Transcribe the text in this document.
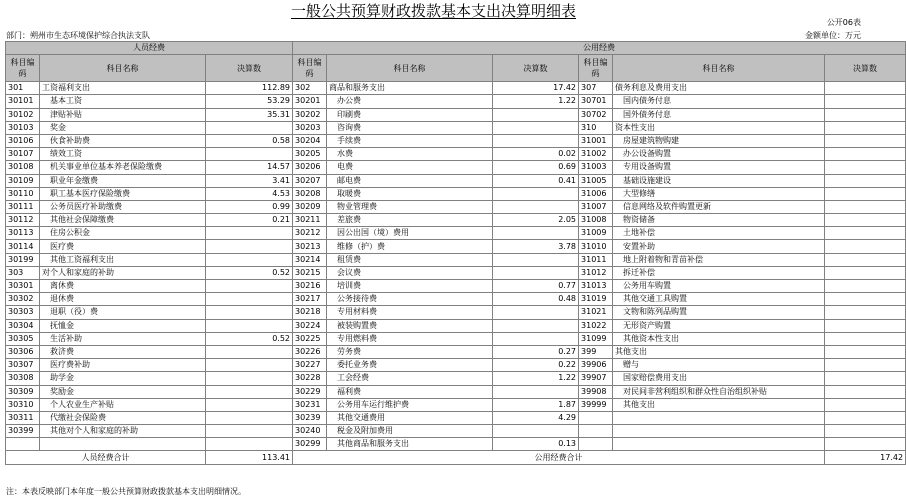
一般公共预算财政拨款基本支出决算明细表
公开06表
部门：朔州市生态环境保护综合执法支队	金额单位：万元
人员经费			公用经费					
科目编码	科目名称	决算数	科目编码	科目名称	决算数	科目编码	科目名称	决算数
301	工资福利支出	112.89	302	商品和服务支出	17.42	307	债务利息及费用支出	
30101	基本工资	53.29	30201	办公费	1.22	30701	国内债务付息	
30102	津贴补贴	35.31	30202	印刷费		30702	国外债务付息	
30103	奖金		30203	咨询费		310	资本性支出	
30106	伙食补助费	0.58	30204	手续费		31001	房屋建筑物购建	
30107	绩效工资		30205	水费	0.02	31002	办公设备购置	
30108	机关事业单位基本养老保险缴费	14.57	30206	电费	0.69	31003	专用设备购置	
30109	职业年金缴费	3.41	30207	邮电费	0.41	31005	基础设施建设	
30110	职工基本医疗保险缴费	4.53	30208	取暖费		31006	大型修缮	
30111	公务员医疗补助缴费	0.99	30209	物业管理费		31007	信息网络及软件购置更新	
30112	其他社会保障缴费	0.21	30211	差旅费	2.05	31008	物资储备	
30113	住房公积金		30212	因公出国（境）费用		31009	土地补偿	
30114	医疗费		30213	维修（护）费	3.78	31010	安置补助	
30199	其他工资福利支出		30214	租赁费		31011	地上附着物和青苗补偿	
303	对个人和家庭的补助	0.52	30215	会议费		31012	拆迁补偿	
30301	离休费		30216	培训费	0.77	31013	公务用车购置	
30302	退休费		30217	公务接待费	0.48	31019	其他交通工具购置	
30303	退职（役）费		30218	专用材料费		31021	文物和陈列品购置	
30304	抚恤金		30224	被装购置费		31022	无形资产购置	
30305	生活补助	0.52	30225	专用燃料费		31099	其他资本性支出	
30306	救济费		30226	劳务费	0.27	399	其他支出	
30307	医疗费补助		30227	委托业务费	0.22	39906	赠与	
30308	助学金		30228	工会经费	1.22	39907	国家赔偿费用支出	
30309	奖励金		30229	福利费		39908	对民间非营利组织和群众性自治组织补贴	
30310	个人农业生产补贴		30231	公务用车运行维护费	1.87	39999	其他支出	
30311	代缴社会保险费		30239	其他交通费用	4.29			
30399	其他对个人和家庭的补助		30240	税金及附加费用				
			30299	其他商品和服务支出	0.13			
人员经费合计		113.41	公用经费合计					17.42
注：本表反映部门本年度一般公共预算财政拨款基本支出明细情况。
